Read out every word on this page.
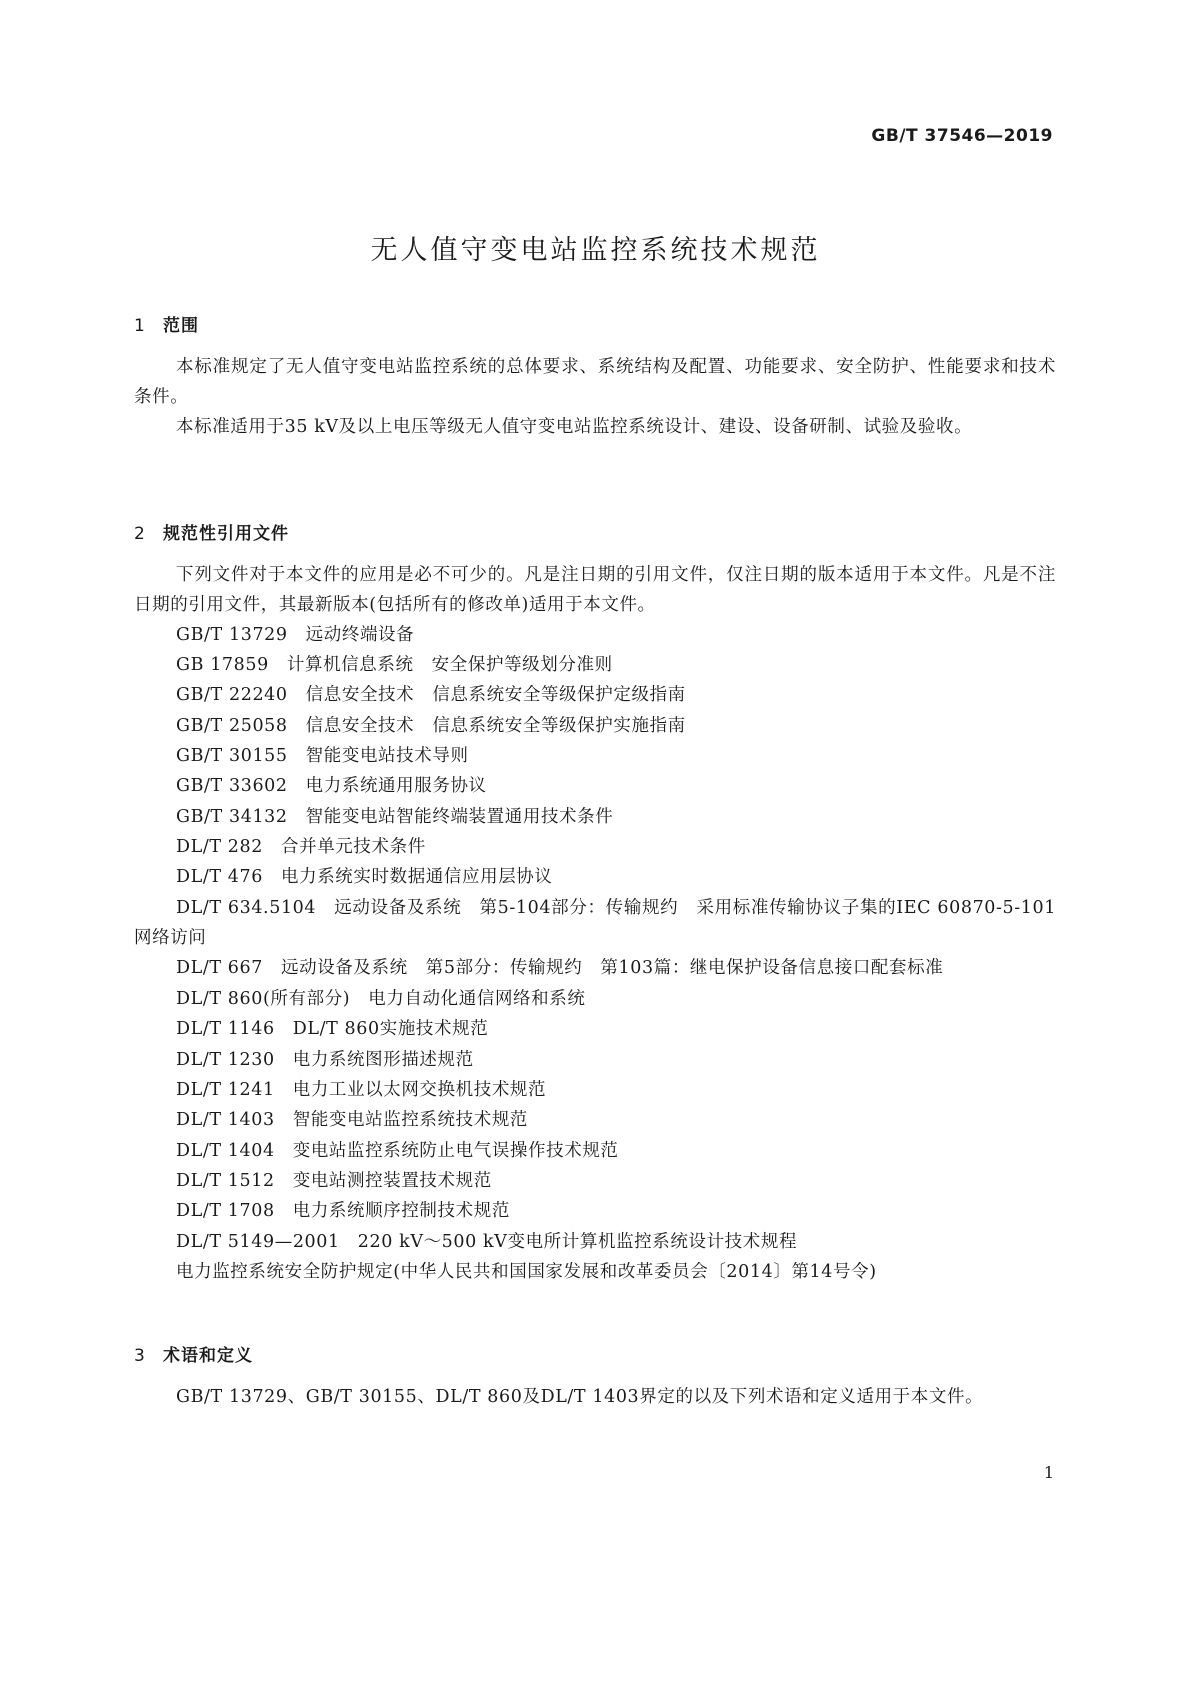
GB/T 37546—2019
无人值守变电站监控系统技术规范
1 范围

本标准规定了无人值守变电站监控系统的总体要求、系统结构及配置、功能要求、安全防护、性能要求和技术条件。

本标准适用于35 kV及以上电压等级无人值守变电站监控系统设计、建设、设备研制、试验及验收。

2 规范性引用文件

下列文件对于本文件的应用是必不可少的。凡是注日期的引用文件，仅注日期的版本适用于本文件。凡是不注日期的引用文件，其最新版本(包括所有的修改单)适用于本文件。

GB/T 13729 远动终端设备
GB 17859 计算机信息系统　安全保护等级划分准则
GB/T 22240 信息安全技术　信息系统安全等级保护定级指南
GB/T 25058 信息安全技术　信息系统安全等级保护实施指南
GB/T 30155 智能变电站技术导则
GB/T 33602 电力系统通用服务协议
GB/T 34132 智能变电站智能终端装置通用技术条件
DL/T 282 合并单元技术条件
DL/T 476 电力系统实时数据通信应用层协议
DL/T 634.5104 远动设备及系统　第5-104部分：传输规约　采用标准传输协议子集的IEC 60870-5-101　网络访问
DL/T 667 远动设备及系统　第5部分：传输规约　第103篇：继电保护设备信息接口配套标准
DL/T 860(所有部分) 电力自动化通信网络和系统
DL/T 1146 DL/T 860实施技术规范
DL/T 1230 电力系统图形描述规范
DL/T 1241 电力工业以太网交换机技术规范
DL/T 1403 智能变电站监控系统技术规范
DL/T 1404 变电站监控系统防止电气误操作技术规范
DL/T 1512 变电站测控装置技术规范
DL/T 1708 电力系统顺序控制技术规范
DL/T 5149—2001 220 kV～500 kV变电所计算机监控系统设计技术规程
电力监控系统安全防护规定(中华人民共和国国家发展和改革委员会〔2014〕第14号令)
3 术语和定义

GB/T 13729、GB/T 30155、DL/T 860及DL/T 1403界定的以及下列术语和定义适用于本文件。

1
